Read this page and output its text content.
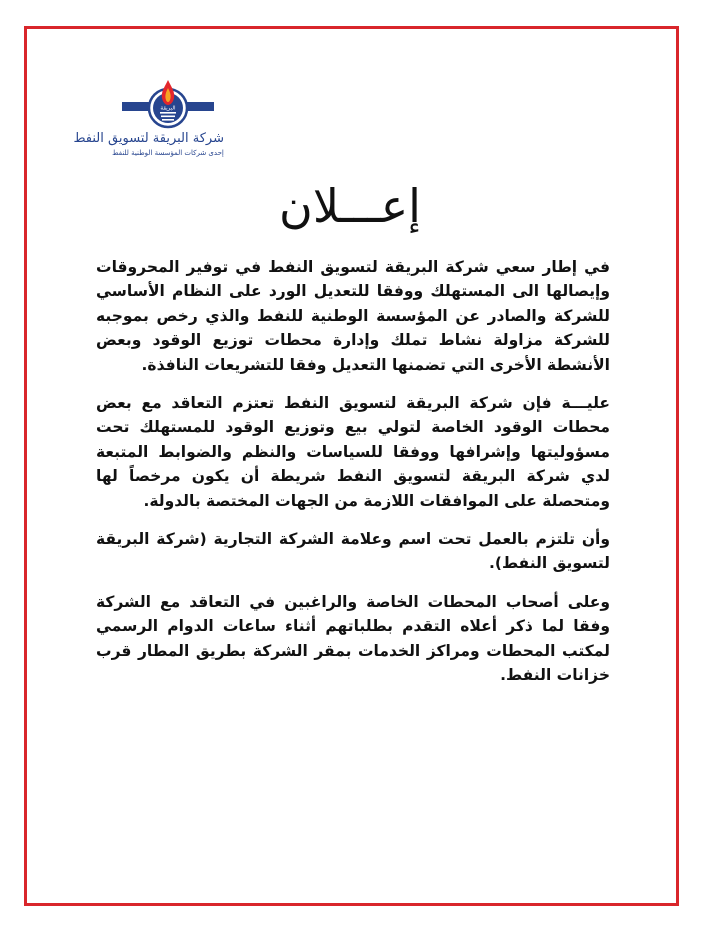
البريقة
شركة البريقة لتسويق النفط
إحدى شركات المؤسسة الوطنية للنفط
إعـــلان

في إطار سعي شركة البريقة لتسويق النفط في توفير المحروقات وإيصالها الى المستهلك ووفقا للتعديل الورد على النظام الأساسي للشركة والصادر عن المؤسسة الوطنية للنفط والذي رخص بموجبه للشركة مزاولة نشاط تملك وإدارة محطات توزيع الوقود وبعض الأنشطة الأخرى التي تضمنها التعديل وفقا للتشريعات النافذة.

عليـــة فإن شركة البريقة لتسويق النفط تعتزم التعاقد مع بعض محطات الوقود الخاصة لتولي بيع وتوزيع الوقود للمستهلك تحت مسؤوليتها وإشرافها ووفقا للسياسات والنظم والضوابط المتبعة لدي شركة البريقة لتسويق النفط شريطة أن يكون مرخصاً لها ومتحصلة على الموافقات اللازمة من الجهات المختصة بالدولة.

وأن تلتزم بالعمل تحت اسم وعلامة الشركة التجارية (شركة البريقة لتسويق النفط).

وعلى أصحاب المحطات الخاصة والراغبين في التعاقد مع الشركة وفقا لما ذكر أعلاه التقدم بطلباتهم أثناء ساعات الدوام الرسمي لمكتب المحطات ومراكز الخدمات بمقر الشركة بطريق المطار قرب خزانات النفط.
